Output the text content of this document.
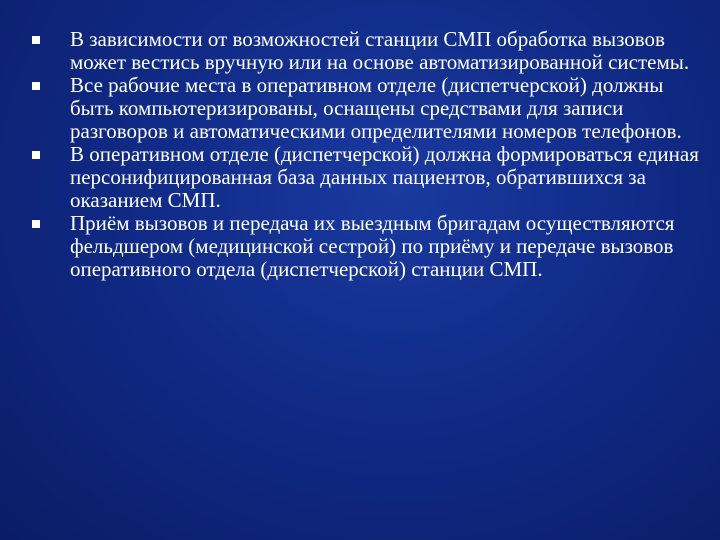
В зависимости от возможностей станции СМП обработка вызовов может вестись вручную или на основе автоматизированной системы.
Все рабочие места в оперативном отделе (диспетчерской) должны быть компьютеризированы, оснащены средствами для записи разговоров и автоматическими определителями номеров телефонов.
В оперативном отделе (диспетчерской) должна формироваться единая персонифицированная база данных пациентов, обратившихся за оказанием СМП.
Приём вызовов и передача их выездным бригадам осуществляются фельдшером (медицинской сестрой) по приёму и передаче вызовов оперативного отдела (диспетчерской) станции СМП.
